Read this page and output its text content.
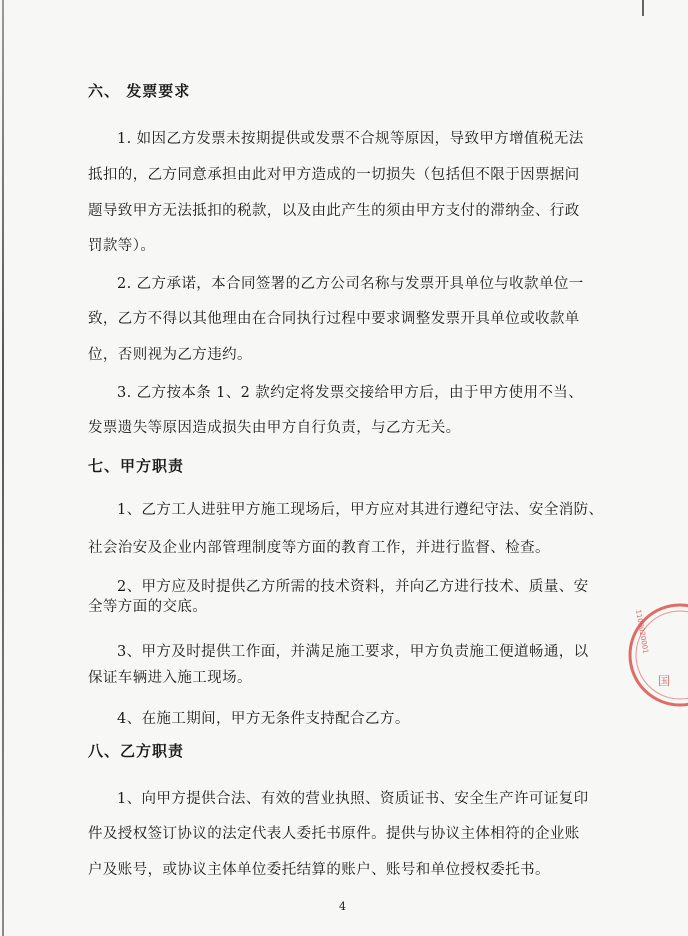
六、 发票要求
1. 如因乙方发票未按期提供或发票不合规等原因，导致甲方增值税无法
抵扣的，乙方同意承担由此对甲方造成的一切损失（包括但不限于因票据问
题导致甲方无法抵扣的税款，以及由此产生的须由甲方支付的滞纳金、行政
罚款等）。
2. 乙方承诺，本合同签署的乙方公司名称与发票开具单位与收款单位一
致，乙方不得以其他理由在合同执行过程中要求调整发票开具单位或收款单
位，否则视为乙方违约。
3. 乙方按本条 1、2 款约定将发票交接给甲方后，由于甲方使用不当、
发票遗失等原因造成损失由甲方自行负责，与乙方无关。
七、甲方职责
1、乙方工人进驻甲方施工现场后，甲方应对其进行遵纪守法、安全消防、
社会治安及企业内部管理制度等方面的教育工作，并进行监督、检查。
2、甲方应及时提供乙方所需的技术资料，并向乙方进行技术、质量、安
全等方面的交底。
3、甲方及时提供工作面，并满足施工要求，甲方负责施工便道畅通，以
保证车辆进入施工现场。
4、在施工期间，甲方无条件支持配合乙方。
八、乙方职责
1、向甲方提供合法、有效的营业执照、资质证书、安全生产许可证复印
件及授权签订协议的法定代表人委托书原件。提供与协议主体相符的企业账
户及账号，或协议主体单位委托结算的账户、账号和单位授权委托书。
4
1109020001
国
